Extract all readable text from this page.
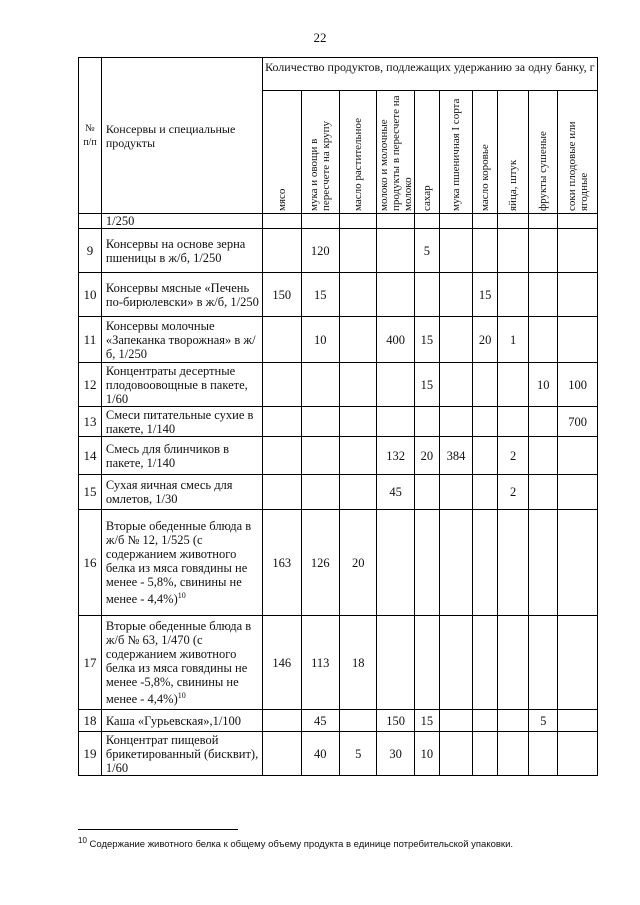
22
№ п/п	Консервы и специальные продукты	Количество продуктов, подлежащих удержанию за одну банку, г									

		мясо	мука и овощи в пересчете на крупу	масло растительное	молоко и молочные продукты в пересчете на молоко	сахар	мука пшеничная I сорта	масло коровье	яйца, штук	фрукты сушеные	соки плодовые или ягодные

	1/250										
9	Консервы на основе зерна пшеницы в ж/б, 1/250		120			5					
10	Консервы мясные «Печень по-бирюлевски» в ж/б, 1/250	150	15					15			
11	Консервы молочные «Запеканка творожная» в ж/б, 1/250		10		400	15		20	1		
12	Концентраты десертные плодовоовощные в пакете, 1/60					15				10	100
13	Смеси питательные сухие в пакете, 1/140										700
14	Смесь для блинчиков в пакете, 1/140				132	20	384		2		
15	Сухая яичная смесь для омлетов, 1/30				45				2		
16	Вторые обеденные блюда в ж/б № 12, 1/525 (с содержанием животного белка из мяса говядины не менее - 5,8%, свинины не менее - 4,4%)$^{10}$	163	126	20							
17	Вторые обеденные блюда в ж/б № 63, 1/470 (с содержанием животного белка из мяса говядины не менее -5,8%, свинины не менее - 4,4%)$^{10}$	146	113	18							
18	Каша «Гурьевская»,1/100		45		150	15				5	
19	Концентрат пищевой брикетированный (бисквит), 1/60		40	5	30	10					
$^{10}$ Содержание животного белка к общему объему продукта в единице потребительской упаковки.
